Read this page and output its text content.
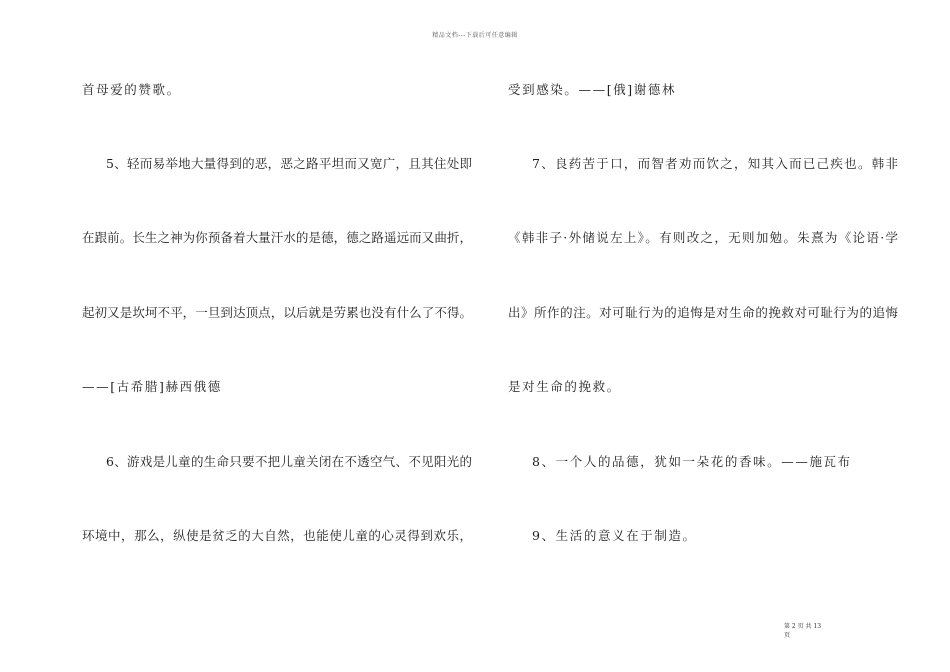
精品文档---下载后可任意编辑
首母爱的赞歌。
5、轻而易举地大量得到的恶，恶之路平坦而又宽广，且其住处即
在跟前。长生之神为你预备着大量汗水的是德，德之路遥远而又曲折，
起初又是坎坷不平，一旦到达顶点，以后就是劳累也没有什么了不得。
——[古希腊]赫西俄德
6、游戏是儿童的生命只要不把儿童关闭在不透空气、不见阳光的
环境中，那么，纵使是贫乏的大自然，也能使儿童的心灵得到欢乐，
受到感染。——[俄]谢德林
7、良药苦于口，而智者劝而饮之，知其入而已己疾也。韩非
《韩非子·外储说左上》。有则改之，无则加勉。朱熹为《论语·学
出》所作的注。对可耻行为的追悔是对生命的挽救对可耻行为的追悔
是对生命的挽救。
8、一个人的品德，犹如一朵花的香味。——施瓦布
9、生活的意义在于制造。
第 2 页 共 13
页
